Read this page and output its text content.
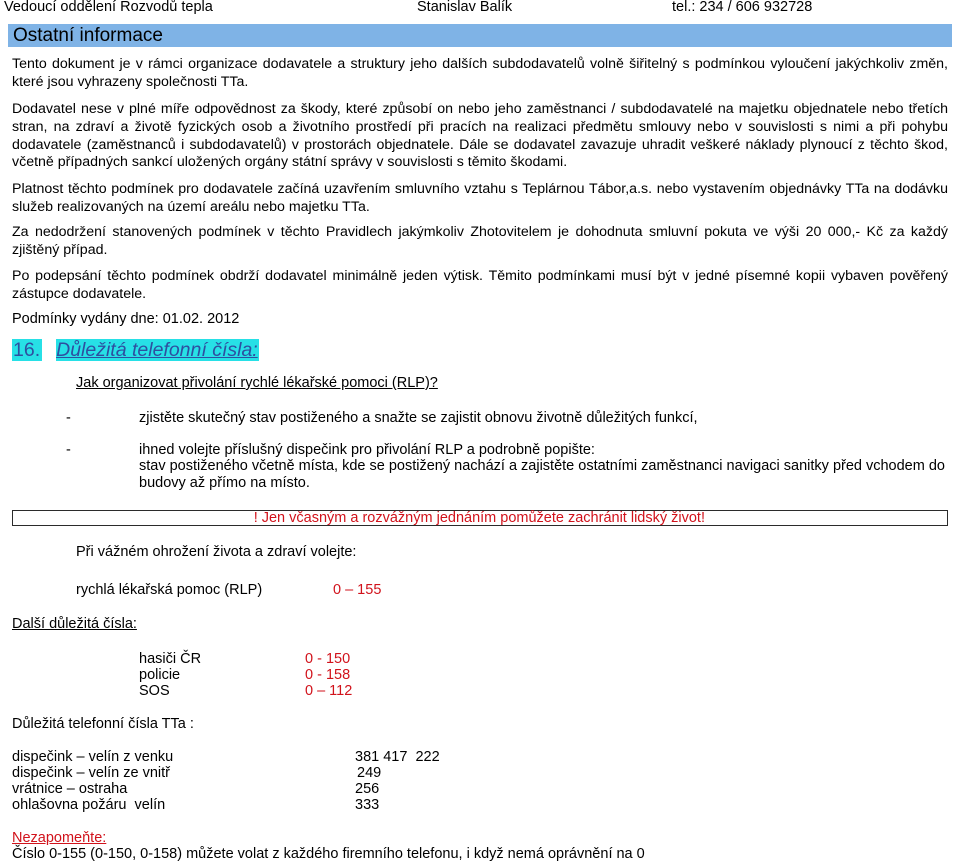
Vedoucí oddělení Rozvodů tepla	Stanislav Balík	tel.: 234 / 606 932728
Ostatní informace
Tento dokument je v rámci organizace dodavatele a struktury jeho dalších subdodavatelů volně šiřitelný s podmínkou vyloučení jakýchkoliv změn, které jsou vyhrazeny společnosti TTa.
Dodavatel nese v plné míře odpovědnost za škody, které způsobí on nebo jeho zaměstnanci / subdodavatelé na majetku objednatele nebo třetích stran, na zdraví a životě fyzických osob a životního prostředí při pracích na realizaci předmětu smlouvy nebo v souvislosti s nimi a při pohybu dodavatele (zaměstnanců i subdodavatelů) v prostorách objednatele. Dále se dodavatel zavazuje uhradit veškeré náklady plynoucí z těchto škod, včetně případných sankcí uložených orgány státní správy v souvislosti s těmito škodami.
Platnost těchto podmínek pro dodavatele začíná uzavřením smluvního vztahu s Teplárnou Tábor,a.s. nebo vystavením objednávky TTa na dodávku služeb realizovaných na území areálu nebo majetku TTa.
Za nedodržení stanovených podmínek v těchto Pravidlech jakýmkoliv Zhotovitelem je dohodnuta smluvní pokuta ve výši 20 000,- Kč za každý zjištěný případ.
Po podepsání těchto podmínek obdrží dodavatel minimálně jeden výtisk. Těmito podmínkami musí být v jedné písemné kopii vybaven pověřený zástupce dodavatele.
Podmínky vydány dne: 01.02. 2012
16. Důležitá telefonní čísla:
Jak organizovat přivolání rychlé lékařské pomoci (RLP)?
-	zjistěte skutečný stav postiženého a snažte se zajistit obnovu životně důležitých funkcí,
-	ihned volejte příslušný dispečink pro přivolání RLP a podrobně popište:
stav postiženého včetně místa, kde se postižený nachází a zajistěte ostatními zaměstnanci navigaci sanitky před vchodem do
budovy až přímo na místo.
! Jen včasným a rozvážným jednáním pomůžete zachránit lidský život!
Při vážném ohrožení života a zdraví volejte:
rychlá lékařská pomoc (RLP)	0 – 155
Další důležitá čísla:
hasiči ČR	0 - 150
policie	0 - 158
SOS	0 – 112
Důležitá telefonní čísla TTa :
dispečink – velín z venku	381 417  222
dispečink – velín ze vnitř	249
vrátnice – ostraha	256
ohlašovna požáru  velín	333
Nezapomeňte:
Číslo 0-155 (0-150, 0-158) můžete volat z každého firemního telefonu, i když nemá oprávnění na 0
